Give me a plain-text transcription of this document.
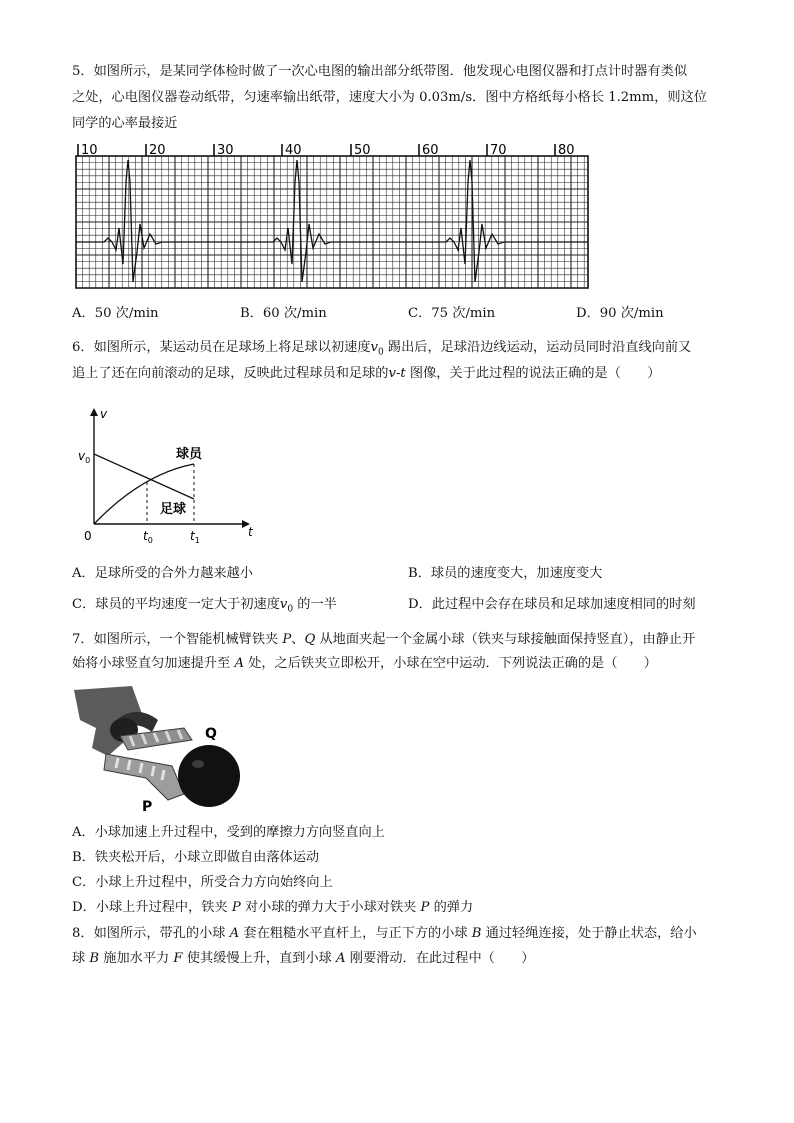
5．如图所示，是某同学体检时做了一次心电图的输出部分纸带图．他发现心电图仪器和打点计时器有类似
之处，心电图仪器卷动纸带，匀速率输出纸带，速度大小为 0.03m/s．图中方格纸每小格长 1.2mm，则这位
同学的心率最接近
10	20	30	40	50	60	70	80
A．50 次/min	B．60 次/min	C．75 次/min	D．90 次/min
6．如图所示，某运动员在足球场上将足球以初速度$v_0$ 踢出后，足球沿边线运动，运动员同时沿直线向前又
追上了还在向前滚动的足球，反映此过程球员和足球的v-t 图像，关于此过程的说法正确的是（　　）
v
t
0
$v_0$
$t_0$	$t_1$
球员
足球
A．足球所受的合外力越来越小	B．球员的速度变大，加速度变大
C．球员的平均速度一定大于初速度$v_0$ 的一半	D．此过程中会存在球员和足球加速度相同的时刻
7．如图所示，一个智能机械臂铁夹 P、Q 从地面夹起一个金属小球（铁夹与球接触面保持竖直），由静止开
始将小球竖直匀加速提升至 A 处，之后铁夹立即松开，小球在空中运动．下列说法正确的是（　　）
Q
P
A．小球加速上升过程中，受到的摩擦力方向竖直向上
B．铁夹松开后，小球立即做自由落体运动
C．小球上升过程中，所受合力方向始终向上
D．小球上升过程中，铁夹 P 对小球的弹力大于小球对铁夹 P 的弹力
8．如图所示，带孔的小球 A 套在粗糙水平直杆上，与正下方的小球 B 通过轻绳连接，处于静止状态，给小
球 B 施加水平力 F 使其缓慢上升，直到小球 A 刚要滑动．在此过程中（　　）
